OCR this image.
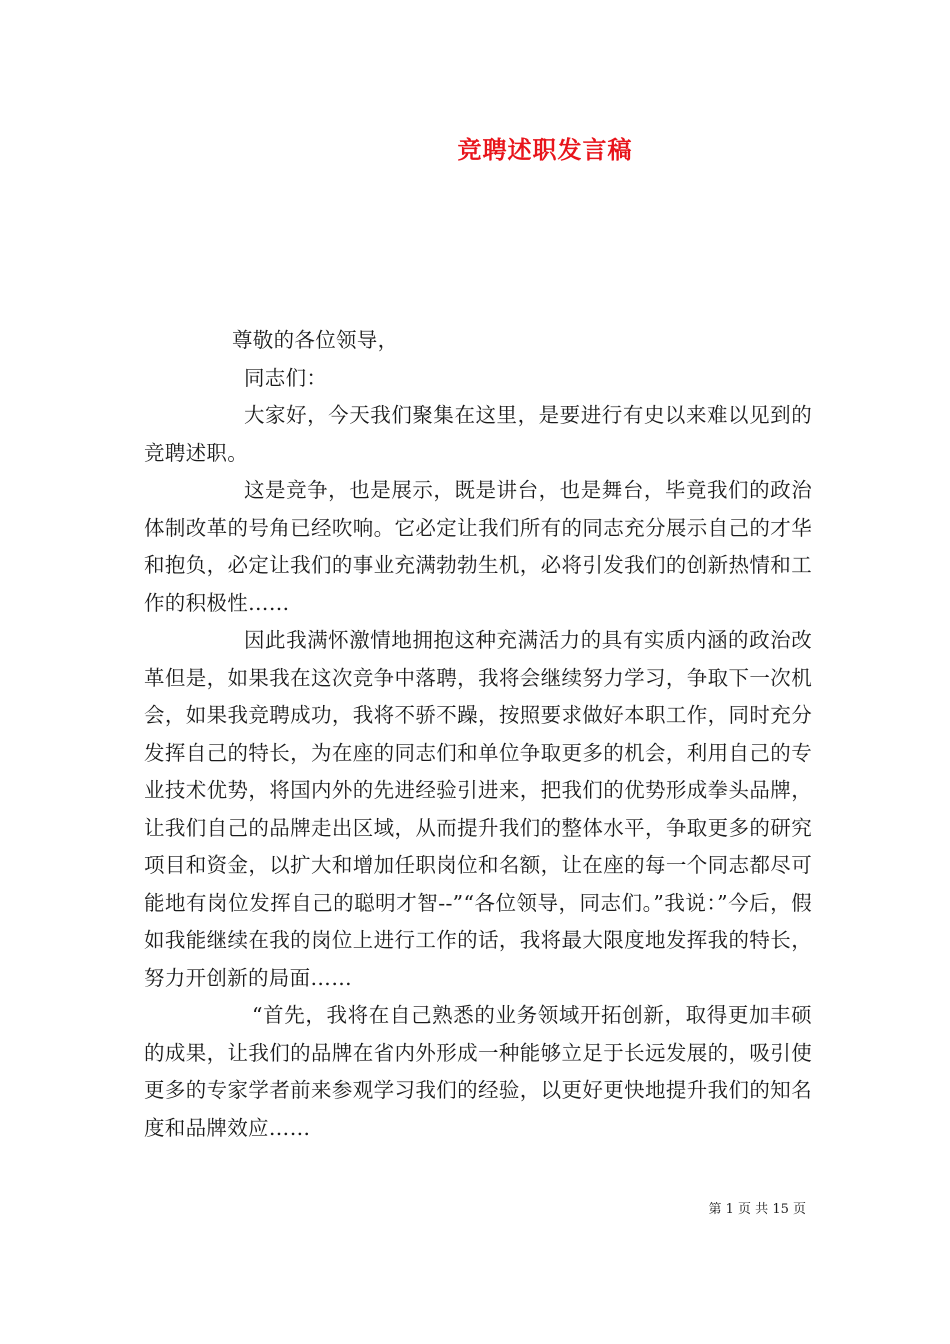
竞聘述职发言稿

尊敬的各位领导，

同志们：

大家好，今天我们聚集在这里，是要进行有史以来难以见到的竞聘述职。

这是竞争，也是展示，既是讲台，也是舞台，毕竟我们的政治体制改革的号角已经吹响。它必定让我们所有的同志充分展示自己的才华和抱负，必定让我们的事业充满勃勃生机，必将引发我们的创新热情和工作的积极性……

因此我满怀激情地拥抱这种充满活力的具有实质内涵的政治改革但是，如果我在这次竞争中落聘，我将会继续努力学习，争取下一次机会，如果我竞聘成功，我将不骄不躁，按照要求做好本职工作，同时充分发挥自己的特长，为在座的同志们和单位争取更多的机会，利用自己的专业技术优势，将国内外的先进经验引进来，把我们的优势形成拳头品牌，让我们自己的品牌走出区域，从而提升我们的整体水平，争取更多的研究项目和资金，以扩大和增加任职岗位和名额，让在座的每一个同志都尽可能地有岗位发挥自己的聪明才智--”“各位领导，同志们。”我说：”今后，假如我能继续在我的岗位上进行工作的话，我将最大限度地发挥我的特长，努力开创新的局面……

“首先，我将在自己熟悉的业务领域开拓创新，取得更加丰硕的成果，让我们的品牌在省内外形成一种能够立足于长远发展的，吸引使更多的专家学者前来参观学习我们的经验，以更好更快地提升我们的知名度和品牌效应……

第 1 页 共 15 页
